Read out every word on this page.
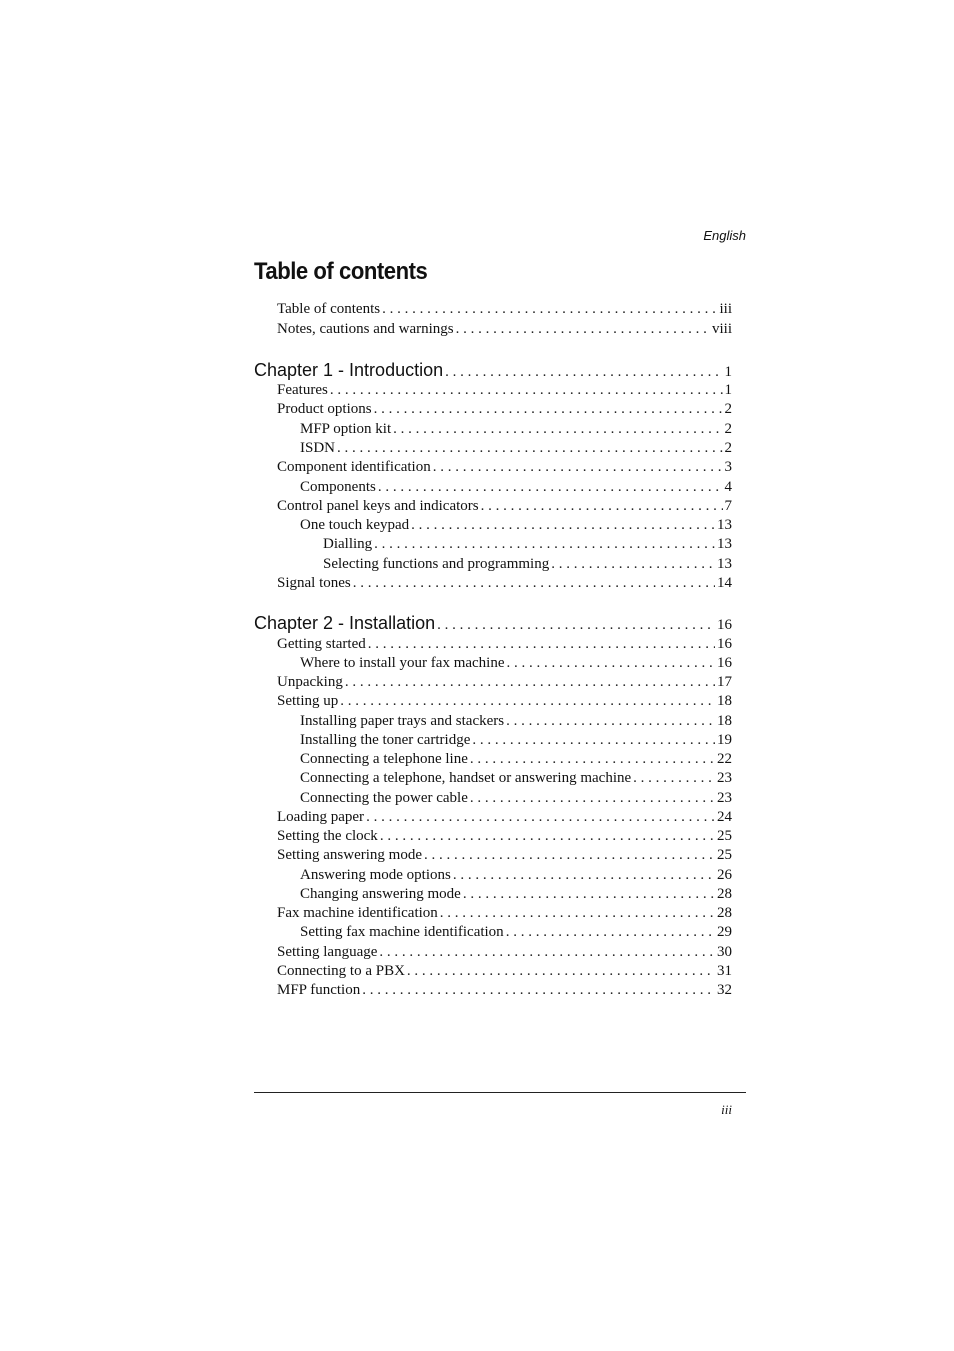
English
Table of contents
Table of contents . . .	iii
Notes, cautions and warnings . . .	viii
Chapter 1 - Introduction . . .	1
Features . . .	1
Product options . . .	2
MFP option kit . . .	2
ISDN . . .	2
Component identification . . .	3
Components . . .	4
Control panel keys and indicators . . .	7
One touch keypad . . .	13
Dialling . . .	13
Selecting functions and programming . . .	13
Signal tones . . .	14
Chapter 2 - Installation . . .	16
Getting started . . .	16
Where to install your fax machine . . .	16
Unpacking . . .	17
Setting up . . .	18
Installing paper trays and stackers . . .	18
Installing the toner cartridge . . .	19
Connecting a telephone line . . .	22
Connecting a telephone, handset or answering machine . . .	23
Connecting the power cable . . .	23
Loading paper . . .	24
Setting the clock . . .	25
Setting answering mode . . .	25
Answering mode options . . .	26
Changing answering mode . . .	28
Fax machine identification . . .	28
Setting fax machine identification . . .	29
Setting language . . .	30
Connecting to a PBX . . .	31
MFP function . . .	32
iii
